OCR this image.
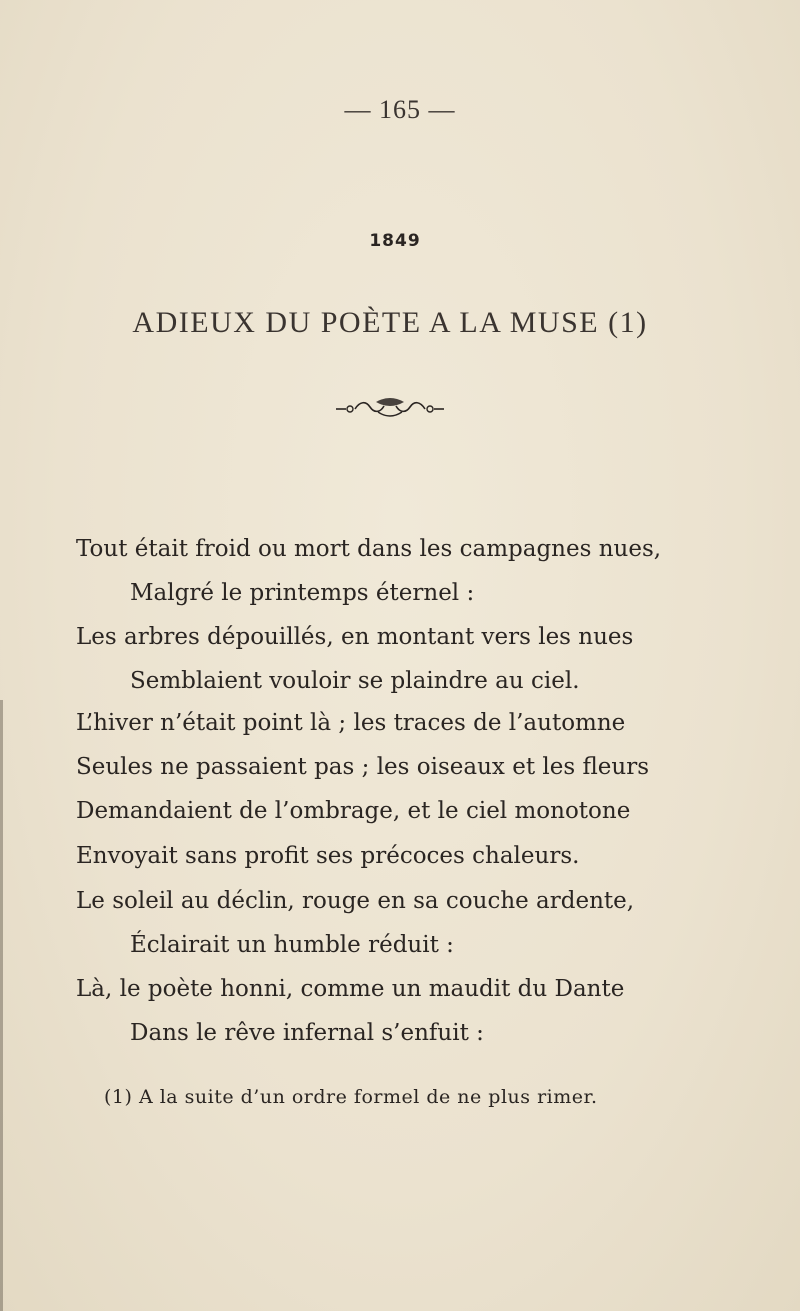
— 165 —
1849
ADIEUX DU POÈTE A LA MUSE (1)
Tout était froid ou mort dans les campagnes nues,
Malgré le printemps éternel :
Les arbres dépouillés, en montant vers les nues
Semblaient vouloir se plaindre au ciel.
L’hiver n’était point là ; les traces de l’automne
Seules ne passaient pas ; les oiseaux et les fleurs
Demandaient de l’ombrage, et le ciel monotone
Envoyait sans profit ses précoces chaleurs.
Le soleil au déclin, rouge en sa couche ardente,
Éclairait un humble réduit :
Là, le poète honni, comme un maudit du Dante
Dans le rêve infernal s’enfuit :
(1) A la suite d’un ordre formel de ne plus rimer.
